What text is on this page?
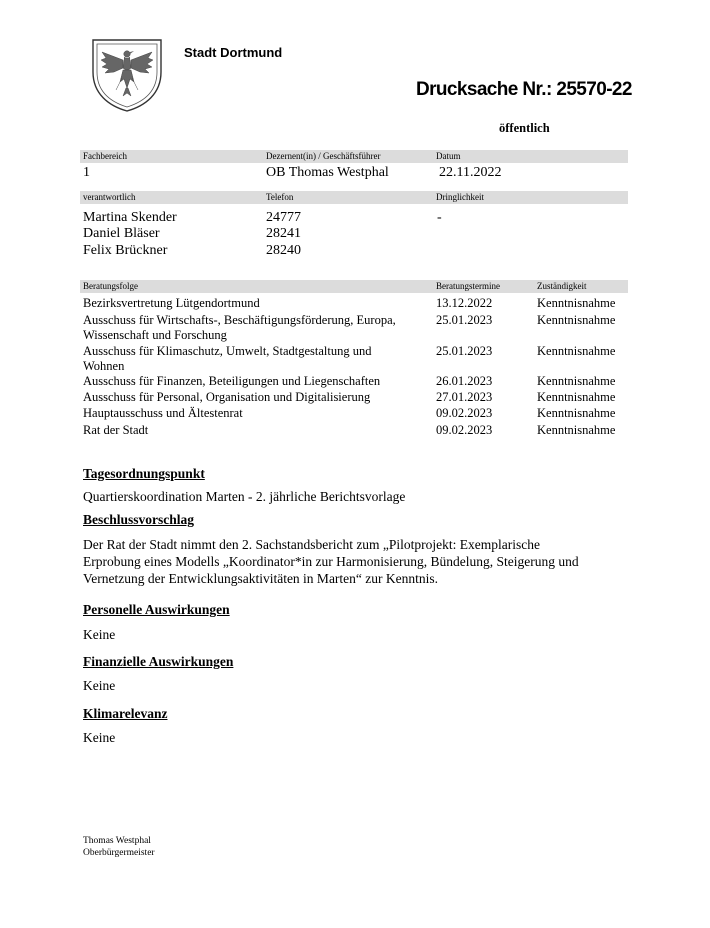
Stadt Dortmund
Drucksache Nr.: 25570-22
öffentlich
Fachbereich	Dezernent(in) / Geschäftsführer	Datum
1	OB Thomas Westphal	22.11.2022
verantwortlich	Telefon	Dringlichkeit
Martina Skender	24777	-
Daniel Bläser	28241
Felix Brückner	28240
Beratungsfolge	Beratungstermine	Zuständigkeit
Bezirksvertretung Lütgendortmund	13.12.2022	Kenntnisnahme
Ausschuss für Wirtschafts-, Beschäftigungsförderung, Europa,
Wissenschaft und Forschung
25.01.2023	Kenntnisnahme
Ausschuss für Klimaschutz, Umwelt, Stadtgestaltung und
Wohnen
25.01.2023	Kenntnisnahme
Ausschuss für Finanzen, Beteiligungen und Liegenschaften	26.01.2023	Kenntnisnahme
Ausschuss für Personal, Organisation und Digitalisierung	27.01.2023	Kenntnisnahme
Hauptausschuss und Ältestenrat	09.02.2023	Kenntnisnahme
Rat der Stadt	09.02.2023	Kenntnisnahme
Tagesordnungspunkt
Quartierskoordination Marten - 2. jährliche Berichtsvorlage
Beschlussvorschlag
Der Rat der Stadt nimmt den 2. Sachstandsbericht zum „Pilotprojekt: Exemplarische
Erprobung eines Modells „Koordinator*in zur Harmonisierung, Bündelung, Steigerung und
Vernetzung der Entwicklungsaktivitäten in Marten“ zur Kenntnis.
Personelle Auswirkungen
Keine
Finanzielle Auswirkungen
Keine
Klimarelevanz
Keine
Thomas Westphal
Oberbürgermeister
